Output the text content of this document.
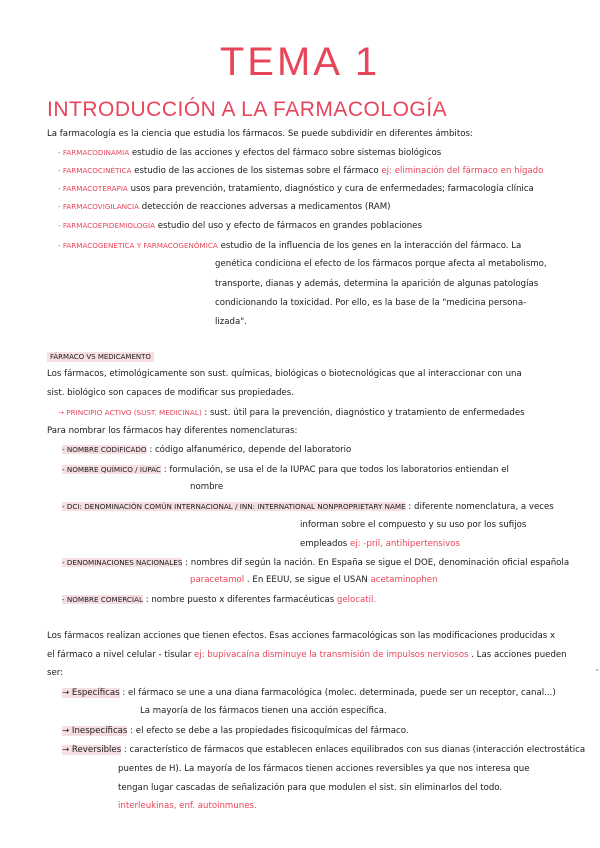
TEMA 1
INTRODUCCIÓN A LA FARMACOLOGÍA
La farmacología es la ciencia que estudia los fármacos. Se puede subdividir en diferentes ámbitos:
- FARMACODINAMIA estudio de las acciones y efectos del fármaco sobre sistemas biológicos
- FARMACOCINÉTICA estudio de las acciones de los sistemas sobre el fármaco ej: eliminación del fármaco en hígado
- FARMACOTERAPIA usos para prevención, tratamiento, diagnóstico y cura de enfermedades; farmacología clínica
- FARMACOVIGILANCIA detección de reacciones adversas a medicamentos (RAM)
- FARMACOEPIDEMIOLOGÍA estudio del uso y efecto de fármacos en grandes poblaciones
- FARMACOGENÉTICA Y FARMACOGENÓMICA estudio de la influencia de los genes en la interacción del fármaco. La
genética condiciona el efecto de los fármacos porque afecta al metabolismo,
transporte, dianas y además, determina la aparición de algunas patologías
condicionando la toxicidad. Por ello, es la base de la "medicina persona-
lizada".
FÁRMACO VS MEDICAMENTO
Los fármacos, etimológicamente son sust. químicas, biológicas o biotecnológicas que al interaccionar con una
sist. biológico son capaces de modificar sus propiedades.
→ PRINCIPIO ACTIVO (SUST. MEDICINAL) : sust. útil para la prevención, diagnóstico y tratamiento de enfermedades
Para nombrar los fármacos hay diferentes nomenclaturas:
- NOMBRE CODIFICADO : código alfanumérico, depende del laboratorio
- NOMBRE QUÍMICO / IUPAC : formulación, se usa el de la IUPAC para que todos los laboratorios entiendan el
nombre
- DCI: DENOMINACIÓN COMÚN INTERNACIONAL / INN: INTERNATIONAL NONPROPRIETARY NAME : diferente nomenclatura, a veces
informan sobre el compuesto y su uso por los sufijos
empleados ej: -pril, antihipertensivos
- DENOMINACIONES NACIONALES : nombres dif según la nación. En España se sigue el DOE, denominación oficial española
paracetamol . En EEUU, se sigue el USAN acetaminophen
- NOMBRE COMERCIAL : nombre puesto x diferentes farmacéuticas gelocatil.
Los fármacos realizan acciones que tienen efectos. Esas acciones farmacológicas son las modificaciones producidas x
el fármaco a nivel celular - tisular ej: bupivacaína disminuye la transmisión de impulsos nerviosos . Las acciones pueden
ser:
→ Específicas : el fármaco se une a una diana farmacológica (molec. determinada, puede ser un receptor, canal...)
La mayoría de los fármacos tienen una acción específica.
→ Inespecíficas : el efecto se debe a las propiedades fisicoquímicas del fármaco.
→ Reversibles : característico de fármacos que establecen enlaces equilibrados con sus dianas (interacción electrostática
puentes de H). La mayoría de los fármacos tienen acciones reversibles ya que nos interesa que
tengan lugar cascadas de señalización para que modulen el sist. sin eliminarlos del todo.
interleukinas, enf. autoinmunes.
'
